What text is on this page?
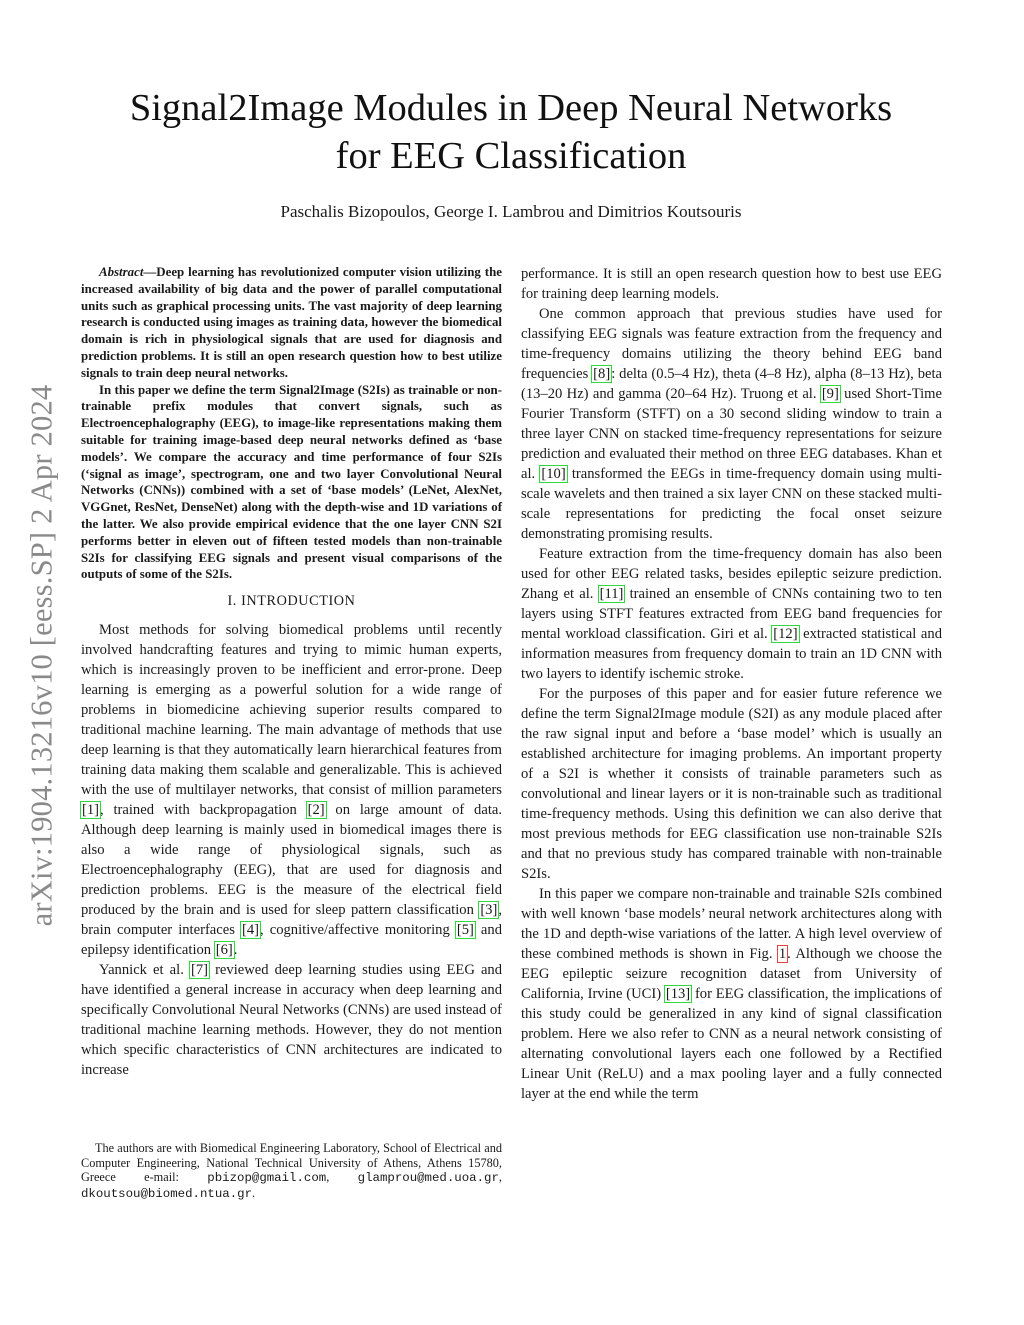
arXiv:1904.13216v10 [eess.SP] 2 Apr 2024
Signal2Image Modules in Deep Neural Networks
for EEG Classification

Paschalis Bizopoulos, George I. Lambrou and Dimitrios Koutsouris

Abstract—Deep learning has revolutionized computer vision utilizing the increased availability of big data and the power of parallel computational units such as graphical processing units. The vast majority of deep learning research is conducted using images as training data, however the biomedical domain is rich in physiological signals that are used for diagnosis and prediction problems. It is still an open research question how to best utilize signals to train deep neural networks.

In this paper we define the term Signal2Image (S2Is) as trainable or non-trainable prefix modules that convert signals, such as Electroencephalography (EEG), to image-like representations making them suitable for training image-based deep neural networks defined as ‘base models’. We compare the accuracy and time performance of four S2Is (‘signal as image’, spectrogram, one and two layer Convolutional Neural Networks (CNNs)) combined with a set of ‘base models’ (LeNet, AlexNet, VGGnet, ResNet, DenseNet) along with the depth-wise and 1D variations of the latter. We also provide empirical evidence that the one layer CNN S2I performs better in eleven out of fifteen tested models than non-trainable S2Is for classifying EEG signals and present visual comparisons of the outputs of some of the S2Is.

I. INTRODUCTION

Most methods for solving biomedical problems until recently involved handcrafting features and trying to mimic human experts, which is increasingly proven to be inefficient and error-prone. Deep learning is emerging as a powerful solution for a wide range of problems in biomedicine achieving superior results compared to traditional machine learning. The main advantage of methods that use deep learning is that they automatically learn hierarchical features from training data making them scalable and generalizable. This is achieved with the use of multilayer networks, that consist of million parameters [1], trained with backpropagation [2] on large amount of data. Although deep learning is mainly used in biomedical images there is also a wide range of physiological signals, such as Electroencephalography (EEG), that are used for diagnosis and prediction problems. EEG is the measure of the electrical field produced by the brain and is used for sleep pattern classification [3], brain computer interfaces [4], cognitive/affective monitoring [5] and epilepsy identification [6].

Yannick et al. [7] reviewed deep learning studies using EEG and have identified a general increase in accuracy when deep learning and specifically Convolutional Neural Networks (CNNs) are used instead of traditional machine learning methods. However, they do not mention which specific characteristics of CNN architectures are indicated to increase

The authors are with Biomedical Engineering Laboratory, School of Electrical and Computer Engineering, National Technical University of Athens, Athens 15780, Greece e-mail: pbizop@gmail.com, glamprou@med.uoa.gr, dkoutsou@biomed.ntua.gr.

performance. It is still an open research question how to best use EEG for training deep learning models.

One common approach that previous studies have used for classifying EEG signals was feature extraction from the frequency and time-frequency domains utilizing the theory behind EEG band frequencies [8]: delta (0.5–4 Hz), theta (4–8 Hz), alpha (8–13 Hz), beta (13–20 Hz) and gamma (20–64 Hz). Truong et al. [9] used Short-Time Fourier Transform (STFT) on a 30 second sliding window to train a three layer CNN on stacked time-frequency representations for seizure prediction and evaluated their method on three EEG databases. Khan et al. [10] transformed the EEGs in time-frequency domain using multi-scale wavelets and then trained a six layer CNN on these stacked multi-scale representations for predicting the focal onset seizure demonstrating promising results.

Feature extraction from the time-frequency domain has also been used for other EEG related tasks, besides epileptic seizure prediction. Zhang et al. [11] trained an ensemble of CNNs containing two to ten layers using STFT features extracted from EEG band frequencies for mental workload classification. Giri et al. [12] extracted statistical and information measures from frequency domain to train an 1D CNN with two layers to identify ischemic stroke.

For the purposes of this paper and for easier future reference we define the term Signal2Image module (S2I) as any module placed after the raw signal input and before a ‘base model’ which is usually an established architecture for imaging problems. An important property of a S2I is whether it consists of trainable parameters such as convolutional and linear layers or it is non-trainable such as traditional time-frequency methods. Using this definition we can also derive that most previous methods for EEG classification use non-trainable S2Is and that no previous study has compared trainable with non-trainable S2Is.

In this paper we compare non-trainable and trainable S2Is combined with well known ‘base models’ neural network architectures along with the 1D and depth-wise variations of the latter. A high level overview of these combined methods is shown in Fig. 1. Although we choose the EEG epileptic seizure recognition dataset from University of California, Irvine (UCI) [13] for EEG classification, the implications of this study could be generalized in any kind of signal classification problem. Here we also refer to CNN as a neural network consisting of alternating convolutional layers each one followed by a Rectified Linear Unit (ReLU) and a max pooling layer and a fully connected layer at the end while the term
